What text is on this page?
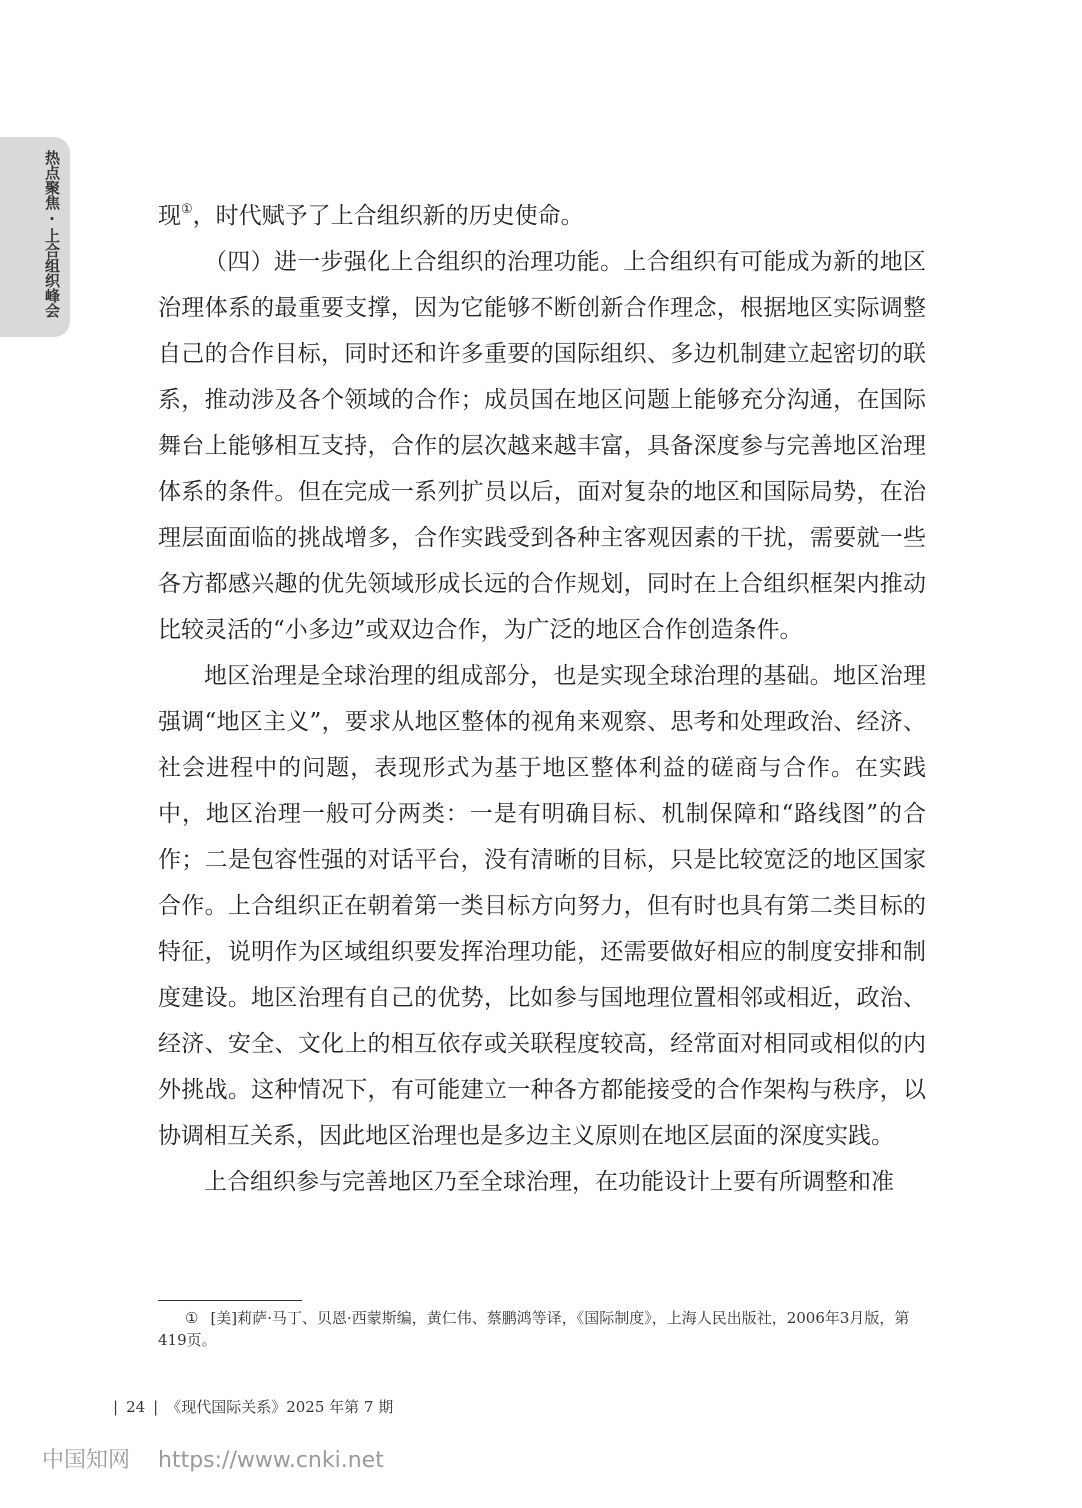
热点聚焦·上合组织峰会	现①，时代赋予了上合组织新的历史使命。

（四）进一步强化上合组织的治理功能。上合组织有可能成为新的地区治理体系的最重要支撑，因为它能够不断创新合作理念，根据地区实际调整自己的合作目标，同时还和许多重要的国际组织、多边机制建立起密切的联系，推动涉及各个领域的合作；成员国在地区问题上能够充分沟通，在国际舞台上能够相互支持，合作的层次越来越丰富，具备深度参与完善地区治理体系的条件。但在完成一系列扩员以后，面对复杂的地区和国际局势，在治理层面面临的挑战增多，合作实践受到各种主客观因素的干扰，需要就一些各方都感兴趣的优先领域形成长远的合作规划，同时在上合组织框架内推动比较灵活的“小多边”或双边合作，为广泛的地区合作创造条件。

地区治理是全球治理的组成部分，也是实现全球治理的基础。地区治理强调“地区主义”，要求从地区整体的视角来观察、思考和处理政治、经济、社会进程中的问题，表现形式为基于地区整体利益的磋商与合作。在实践中，地区治理一般可分两类：一是有明确目标、机制保障和“路线图”的合作；二是包容性强的对话平台，没有清晰的目标，只是比较宽泛的地区国家合作。上合组织正在朝着第一类目标方向努力，但有时也具有第二类目标的特征，说明作为区域组织要发挥治理功能，还需要做好相应的制度安排和制度建设。地区治理有自己的优势，比如参与国地理位置相邻或相近，政治、经济、安全、文化上的相互依存或关联程度较高，经常面对相同或相似的内外挑战。这种情况下，有可能建立一种各方都能接受的合作架构与秩序，以协调相互关系，因此地区治理也是多边主义原则在地区层面的深度实践。

上合组织参与完善地区乃至全球治理，在功能设计上要有所调整和准

① [美]莉萨·马丁、贝恩·西蒙斯编，黄仁伟、蔡鹏鸿等译，《国际制度》，上海人民出版社，2006年3月版，第419页。
| 24 | 《现代国际关系》2025 年第 7 期
中国知网 https://www.cnki.net
